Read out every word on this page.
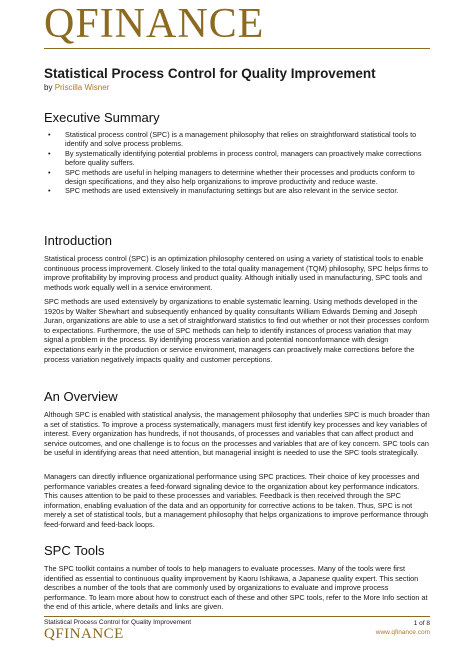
QFINANCE
Statistical Process Control for Quality Improvement
by Priscilla Wisner
Executive Summary
• Statistical process control (SPC) is a management philosophy that relies on straightforward statistical tools to identify and solve process problems.
• By systematically identifying potential problems in process control, managers can proactively make corrections before quality suffers.
• SPC methods are useful in helping managers to determine whether their processes and products conform to design specifications, and they also help organizations to improve productivity and reduce waste.
• SPC methods are used extensively in manufacturing settings but are also relevant in the service sector.
Introduction

Statistical process control (SPC) is an optimization philosophy centered on using a variety of statistical tools to enable continuous process improvement. Closely linked to the total quality management (TQM) philosophy, SPC helps firms to improve profitability by improving process and product quality. Although initially used in manufacturing, SPC tools and methods work equally well in a service environment.

SPC methods are used extensively by organizations to enable systematic learning. Using methods developed in the 1920s by Walter Shewhart and subsequently enhanced by quality consultants William Edwards Deming and Joseph Juran, organizations are able to use a set of straightforward statistics to find out whether or not their processes conform to expectations. Furthermore, the use of SPC methods can help to identify instances of process variation that may signal a problem in the process. By identifying process variation and potential nonconformance with design expectations early in the production or service environment, managers can proactively make corrections before the process variation negatively impacts quality and customer perceptions.

An Overview

Although SPC is enabled with statistical analysis, the management philosophy that underlies SPC is much broader than a set of statistics. To improve a process systematically, managers must first identify key processes and key variables of interest. Every organization has hundreds, if not thousands, of processes and variables that can affect product and service outcomes, and one challenge is to focus on the processes and variables that are of key concern. SPC tools can be useful in identifying areas that need attention, but managerial insight is needed to use the SPC tools strategically.

Managers can directly influence organizational performance using SPC practices. Their choice of key processes and performance variables creates a feed-forward signaling device to the organization about key performance indicators. This causes attention to be paid to these processes and variables. Feedback is then received through the SPC information, enabling evaluation of the data and an opportunity for corrective actions to be taken. Thus, SPC is not merely a set of statistical tools, but a management philosophy that helps organizations to improve performance through feed-forward and feed-back loops.

SPC Tools

The SPC toolkit contains a number of tools to help managers to evaluate processes. Many of the tools were first identified as essential to continuous quality improvement by Kaoru Ishikawa, a Japanese quality expert. This section describes a number of the tools that are commonly used by organizations to evaluate and improve process performance. To learn more about how to construct each of these and other SPC tools, refer to the More Info section at the end of this article, where details and links are given.

Statistical Process Control for Quality Improvement
QFINANCE
1 of 8
www.qfinance.com
